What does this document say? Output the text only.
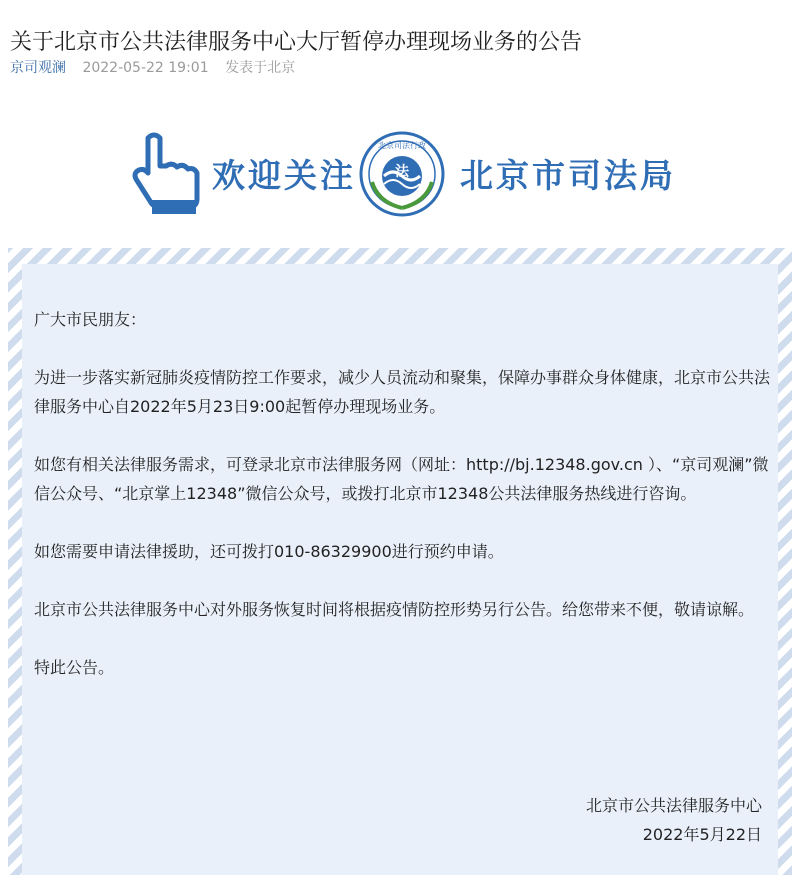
关于北京市公共法律服务中心大厅暂停办理现场业务的公告
京司观澜 2022-05-22 19:01 发表于北京
欢迎关注	法
北京司法行政
北京市司法局

广大市民朋友：

为进一步落实新冠肺炎疫情防控工作要求，减少人员流动和聚集，保障办事群众身体健康，北京市公共法律服务中心自2022年5月23日9:00起暂停办理现场业务。

如您有相关法律服务需求，可登录北京市法律服务网（网址：http://bj.12348.gov.cn ）、“京司观澜”微信公众号、“北京掌上12348”微信公众号，或拨打北京市12348公共法律服务热线进行咨询。

如您需要申请法律援助，还可拨打010-86329900进行预约申请。

北京市公共法律服务中心对外服务恢复时间将根据疫情防控形势另行公告。给您带来不便，敬请谅解。

特此公告。

北京市公共法律服务中心
2022年5月22日
